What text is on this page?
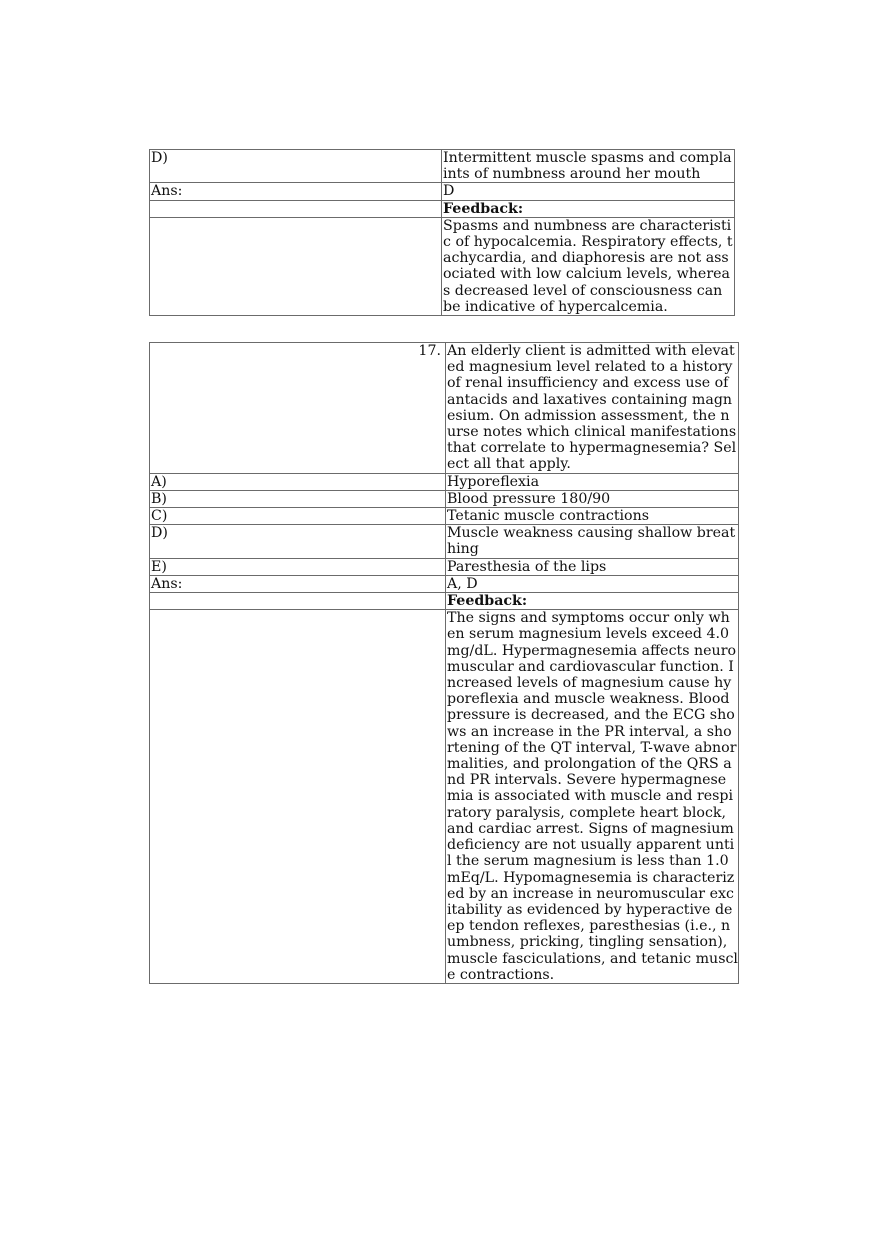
D)	Intermittent muscle spasms and complaints of numbness around her mouth
Ans:	D
	Feedback:
	Spasms and numbness are characteristic of hypocalcemia. Respiratory effects, tachycardia, and diaphoresis are not associated with low calcium levels, whereas decreased level of consciousness can be indicative of hypercalcemia.
17.	An elderly client is admitted with elevated magnesium level related to a history of renal insufficiency and excess use of antacids and laxatives containing magnesium. On admission assessment, the nurse notes which clinical manifestations that correlate to hypermagnesemia? Select all that apply.
A)	Hyporeflexia
B)	Blood pressure 180/90
C)	Tetanic muscle contractions
D)	Muscle weakness causing shallow breathing
E)	Paresthesia of the lips
Ans:	A, D
	Feedback:
	The signs and symptoms occur only when serum magnesium levels exceed 4.0 mg/dL. Hypermagnesemia affects neuromuscular and cardiovascular function. Increased levels of magnesium cause hyporeflexia and muscle weakness. Blood pressure is decreased, and the ECG shows an increase in the PR interval, a shortening of the QT interval, T-wave abnormalities, and prolongation of the QRS and PR intervals. Severe hypermagnesemia is associated with muscle and respiratory paralysis, complete heart block, and cardiac arrest. Signs of magnesium deficiency are not usually apparent until the serum magnesium is less than 1.0 mEq/L. Hypomagnesemia is characterized by an increase in neuromuscular excitability as evidenced by hyperactive deep tendon reflexes, paresthesias (i.e., numbness, pricking, tingling sensation), muscle fasciculations, and tetanic muscle contractions.
